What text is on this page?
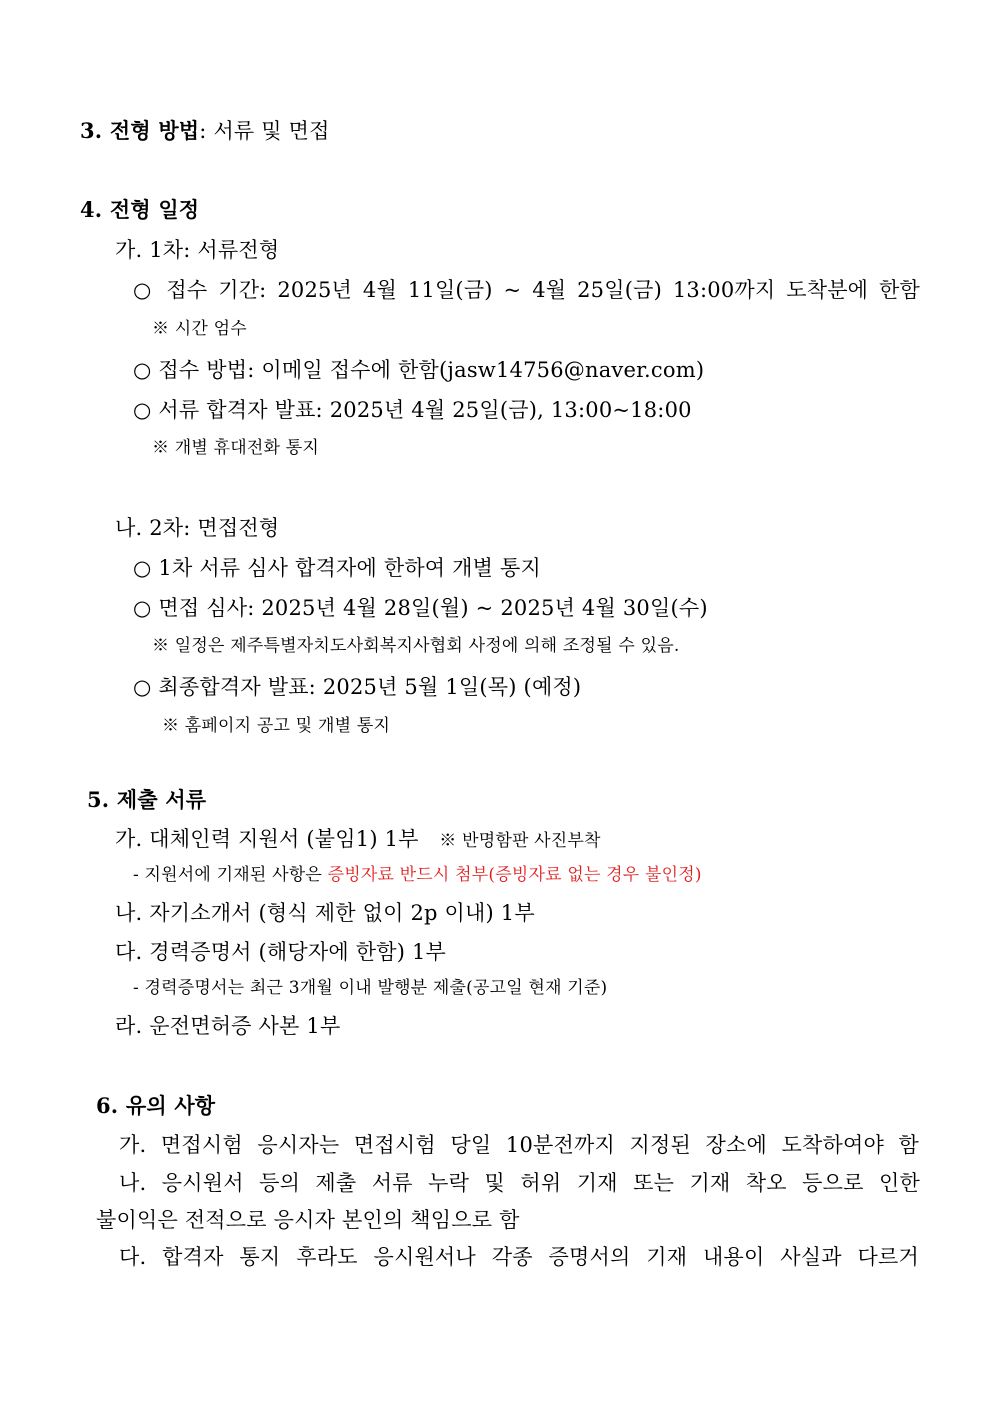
3. 전형 방법: 서류 및 면접
4. 전형 일정
가. 1차: 서류전형
○ 접수 기간: 2025년 4월 11일(금) ~ 4월 25일(금) 13:00까지 도착분에 한함
※ 시간 엄수
○ 접수 방법: 이메일 접수에 한함(jasw14756@naver.com)
○ 서류 합격자 발표: 2025년 4월 25일(금), 13:00~18:00
※ 개별 휴대전화 통지
나. 2차: 면접전형
○ 1차 서류 심사 합격자에 한하여 개별 통지
○ 면접 심사: 2025년 4월 28일(월) ~ 2025년 4월 30일(수)
※ 일정은 제주특별자치도사회복지사협회 사정에 의해 조정될 수 있음.
○ 최종합격자 발표: 2025년 5월 1일(목) (예정)
※ 홈페이지 공고 및 개별 통지
5. 제출 서류
가. 대체인력 지원서 (붙임1) 1부 ※ 반명함판 사진부착
- 지원서에 기재된 사항은 증빙자료 반드시 첨부(증빙자료 없는 경우 불인정)
나. 자기소개서 (형식 제한 없이 2p 이내) 1부
다. 경력증명서 (해당자에 한함) 1부
- 경력증명서는 최근 3개월 이내 발행분 제출(공고일 현재 기준)
라. 운전면허증 사본 1부
6. 유의 사항
가. 면접시험 응시자는 면접시험 당일 10분전까지 지정된 장소에 도착하여야 함
나. 응시원서 등의 제출 서류 누락 및 허위 기재 또는 기재 착오 등으로 인한
불이익은 전적으로 응시자 본인의 책임으로 함
다. 합격자 통지 후라도 응시원서나 각종 증명서의 기재 내용이 사실과 다르거
